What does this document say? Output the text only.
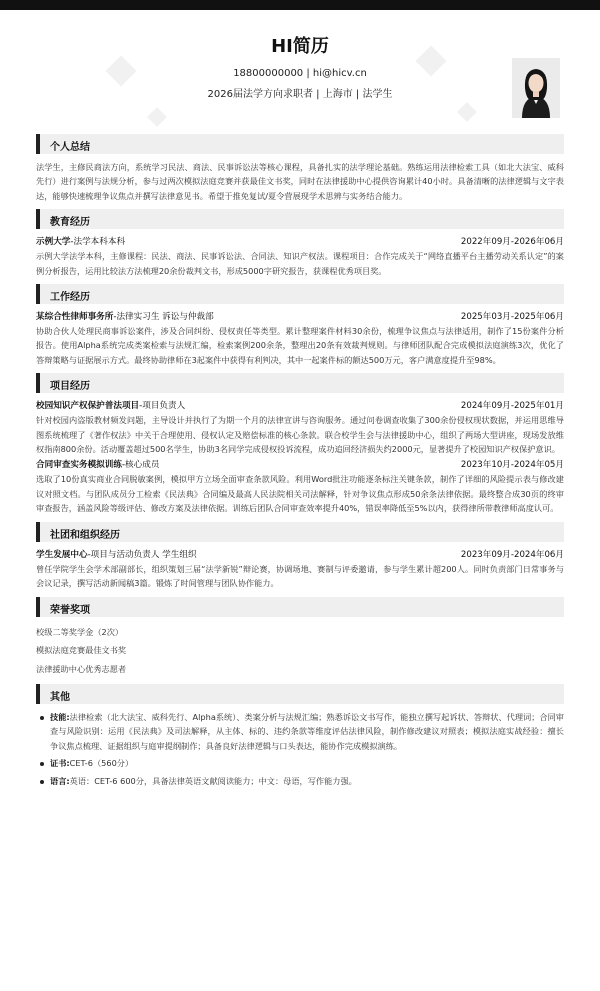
HI简历
18800000000 | hi@hicv.cn
2026届法学方向求职者 | 上海市 | 法学生
个人总结
法学生，主修民商法方向，系统学习民法、商法、民事诉讼法等核心课程，具备扎实的法学理论基础。熟练运用法律检索工具（如北大法宝、威科先行）进行案例与法规分析，参与过两次模拟法庭竞赛并获最佳文书奖，同时在法律援助中心提供咨询累计40小时。具备清晰的法律逻辑与文字表达，能够快速梳理争议焦点并撰写法律意见书。希望于推免复试/夏令营展现学术思辨与实务结合能力。
教育经历
示例大学-法学本科本科	2022年09月-2026年06月
示例大学法学本科，主修课程：民法、商法、民事诉讼法、合同法、知识产权法。课程项目：合作完成关于“网络直播平台主播劳动关系认定”的案例分析报告，运用比较法方法梳理20余份裁判文书，形成5000字研究报告，获课程优秀项目奖。
工作经历
某综合性律师事务所-法律实习生 诉讼与仲裁部	2025年03月-2025年06月
协助合伙人处理民商事诉讼案件，涉及合同纠纷、侵权责任等类型。累计整理案件材料30余份，梳理争议焦点与法律适用，制作了15份案件分析报告。使用Alpha系统完成类案检索与法规汇编，检索案例200余条，整理出20条有效裁判规则。与律师团队配合完成模拟法庭演练3次，优化了答辩策略与证据展示方式。最终协助律师在3起案件中获得有利判决，其中一起案件标的额达500万元，客户满意度提升至98%。
项目经历
校园知识产权保护普法项目-项目负责人	2024年09月-2025年01月
针对校园内盗版教材频发问题，主导设计并执行了为期一个月的法律宣讲与咨询服务。通过问卷调查收集了300余份侵权现状数据，并运用思维导图系统梳理了《著作权法》中关于合理使用、侵权认定及赔偿标准的核心条款。联合校学生会与法律援助中心，组织了两场大型讲座，现场发放维权指南800余份。活动覆盖超过500名学生，协助3名同学完成侵权投诉流程，成功追回经济损失约2000元，显著提升了校园知识产权保护意识。
合同审查实务模拟训练-核心成员	2023年10月-2024年05月
选取了10份真实商业合同脱敏案例，模拟甲方立场全面审查条款风险。利用Word批注功能逐条标注关键条款，制作了详细的风险提示表与修改建议对照文档。与团队成员分工检索《民法典》合同编及最高人民法院相关司法解释，针对争议焦点形成50余条法律依据。最终整合成30页的终审审查报告，涵盖风险等级评估、修改方案及法律依据。训练后团队合同审查效率提升40%，错误率降低至5%以内，获得律所带教律师高度认可。
社团和组织经历
学生发展中心-项目与活动负责人 学生组织	2023年09月-2024年06月
曾任学院学生会学术部副部长，组织策划三届“法学新锐”辩论赛，协调场地、赛制与评委邀请，参与学生累计超200人。同时负责部门日常事务与会议记录，撰写活动新闻稿3篇。锻炼了时间管理与团队协作能力。
荣誉奖项
校级二等奖学金（2次）
模拟法庭竞赛最佳文书奖
法律援助中心优秀志愿者
其他
技能:法律检索（北大法宝、威科先行、Alpha系统）、类案分析与法规汇编；熟悉诉讼文书写作，能独立撰写起诉状、答辩状、代理词；合同审查与风险识别：运用《民法典》及司法解释，从主体、标的、违约条款等维度评估法律风险，制作修改建议对照表；模拟法庭实战经验：擅长争议焦点梳理、证据组织与庭审提纲制作；具备良好法律逻辑与口头表达，能协作完成模拟演练。
证书:CET-6（560分）
语言:英语：CET-6 600分，具备法律英语文献阅读能力；中文：母语，写作能力强。
